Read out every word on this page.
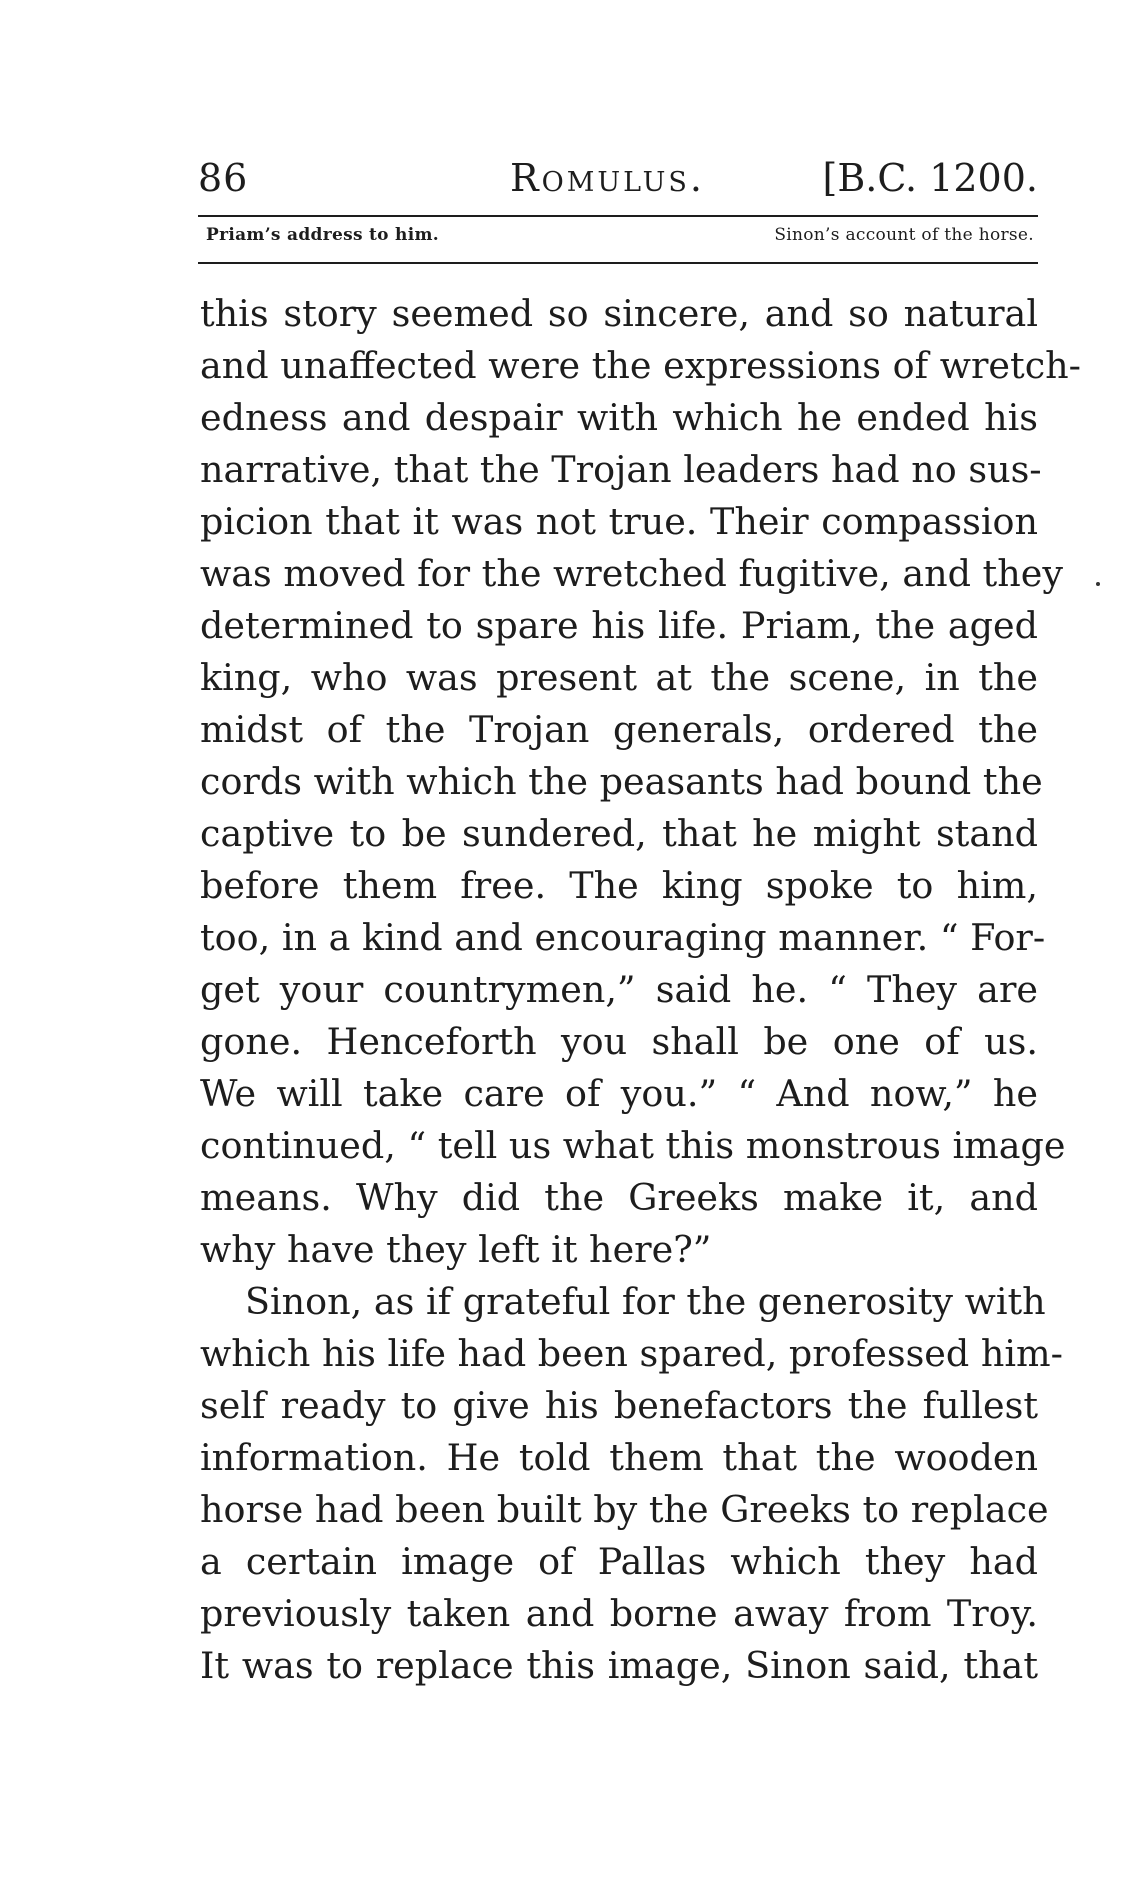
86	Romulus.	[B.C. 1200.
Priam’s address to him.	Sinon’s account of the horse.
this story seemed so sincere, and so natural
and unaffected were the expressions of wretch-
edness and despair with which he ended his
narrative, that the Trojan leaders had no sus-
picion that it was not true. Their compassion
was moved for the wretched fugitive, and they
determined to spare his life. Priam, the aged
king, who was present at the scene, in the
midst of the Trojan generals, ordered the
cords with which the peasants had bound the
captive to be sundered, that he might stand
before them free. The king spoke to him,
too, in a kind and encouraging manner. “ For-
get your countrymen,” said he. “ They are
gone. Henceforth you shall be one of us.
We will take care of you.” “ And now,” he
continued, “ tell us what this monstrous image
means. Why did the Greeks make it, and
why have they left it here?”
Sinon, as if grateful for the generosity with
which his life had been spared, professed him-
self ready to give his benefactors the fullest
information. He told them that the wooden
horse had been built by the Greeks to replace
a certain image of Pallas which they had
previously taken and borne away from Troy.
It was to replace this image, Sinon said, that
